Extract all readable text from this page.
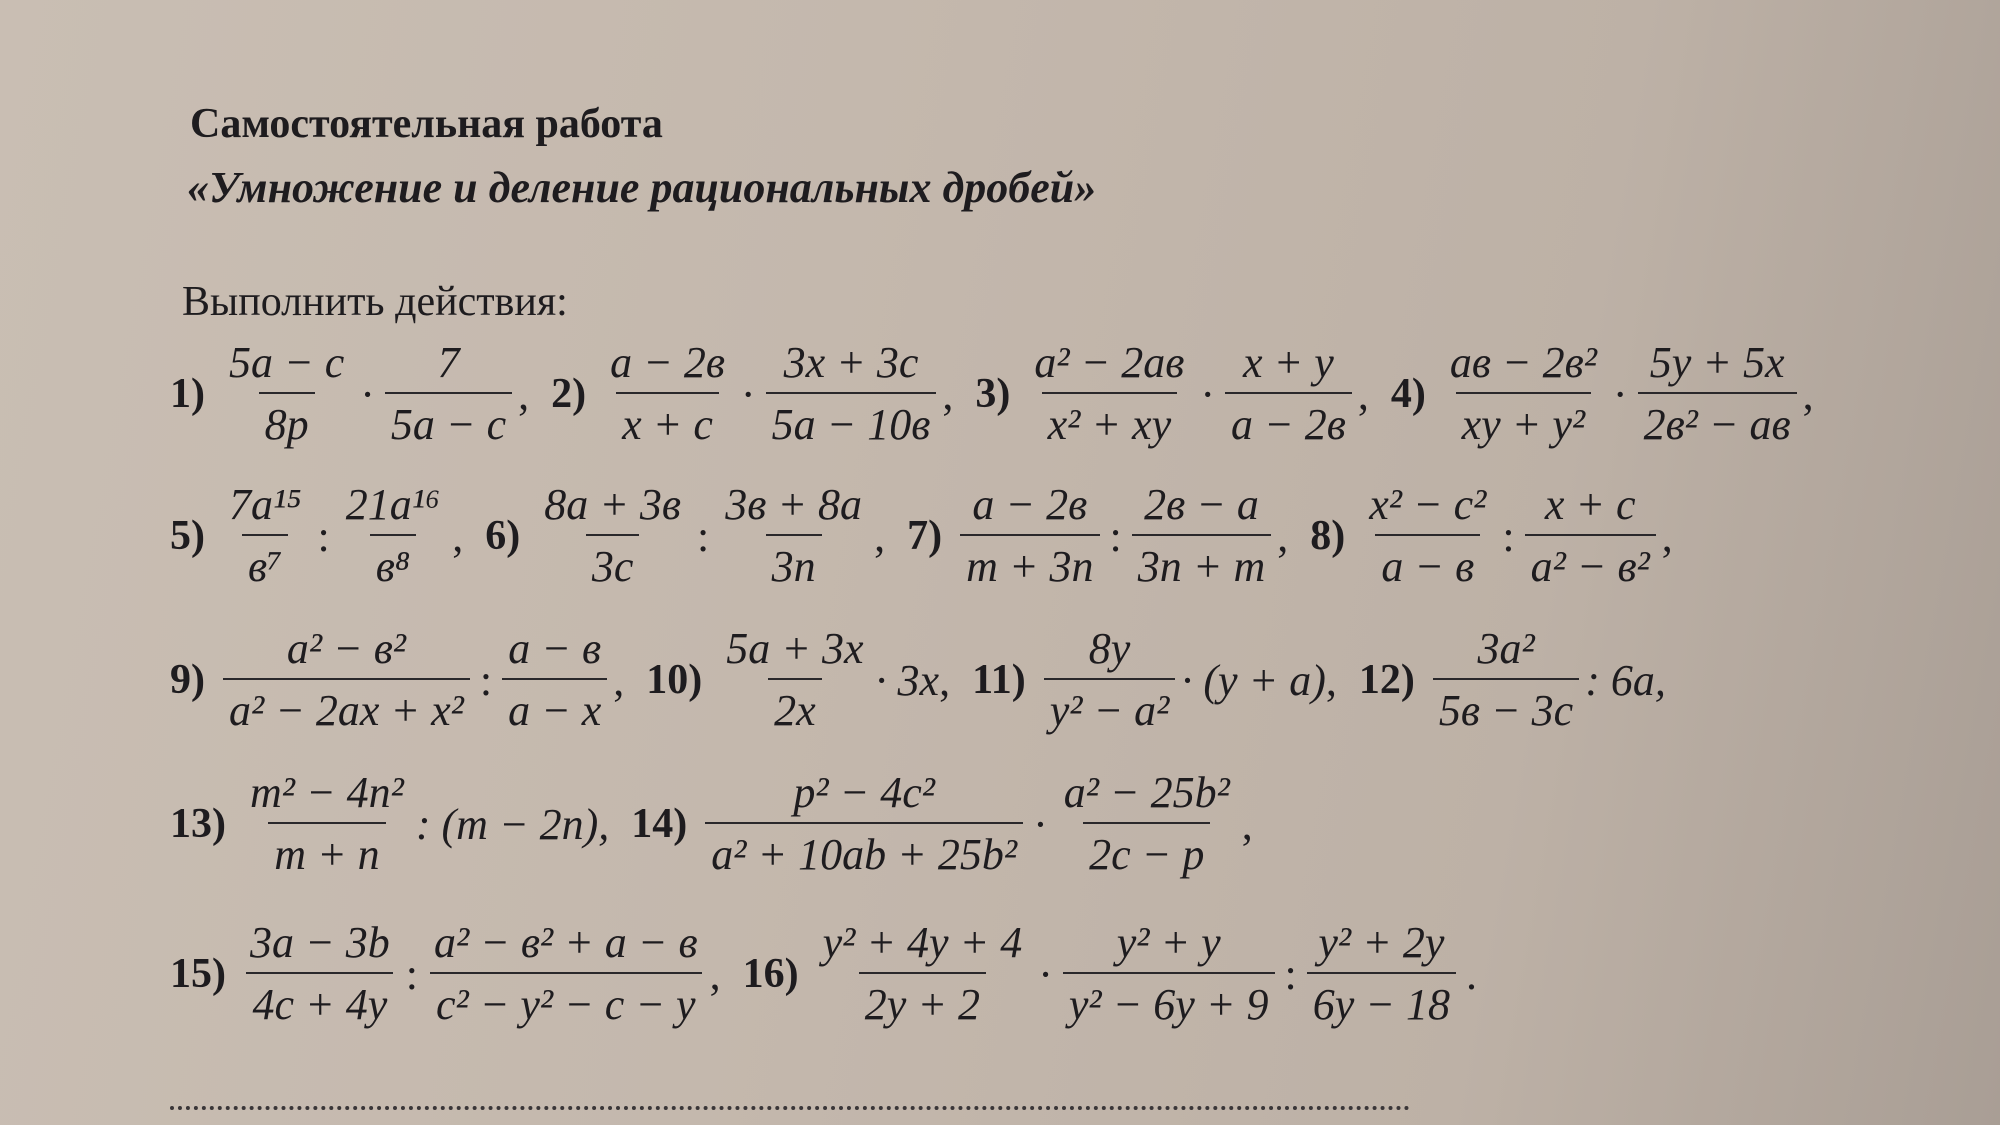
Самостоятельная работа
«Умножение и деление рациональных дробей»
Выполнить действия:
$1) \frac{5a - c}{8p} \cdot \frac{7}{5a - c}$ , $2) \frac{a - 2в}{x + c} \cdot \frac{3x + 3c}{5a - 10в}$ , $3) \frac{\text{a² − 2aв}}{\text{x² + xy}} \cdot \frac{x + y}{a - 2в}$ , $4) \frac{\text{aв − 2в²}}{\text{xy + y²}} \cdot \frac{5y + 5x}{\text{2в² − aв}}$ ,
$5) \frac{\text{7a¹⁵}}{\text{в⁷}}$ : $\frac{\text{21a¹⁶}}{\text{в⁸}}$ , $6) \frac{8a + 3в}{3c}$ : $\frac{3в + 8a}{3n}$ , $7) \frac{a - 2в}{m + 3n}$ : $\frac{2в - a}{3n + m}$ , $8) \frac{\text{x² − c²}}{a - в}$ : $\frac{x + c}{\text{a² − в²}}$ ,
$9) \frac{\text{a² − в²}}{\text{a² − 2ax + x²}}$ : $\frac{a - в}{a - x}$ , $10) \frac{5a + 3x}{2x} \cdot 3x$ , $11) \frac{8y}{\text{y² − a²}} \cdot (y + a)$ , $12) \frac{\text{3a²}}{5в - 3c}$ : 6a,
$13) \frac{\text{m² − 4n²}}{m + n}$ : (m − 2n), $14) \frac{\text{p² − 4c²}}{\text{a² + 10ab + 25b²}} \cdot \frac{\text{a² − 25b²}}{2c - p}$ ,
$15) \frac{3a - 3b}{4c + 4y}$ : $\frac{\text{a² − в² + a − в}}{\text{c² − y² − c − y}}$ , $16) \frac{\text{y² + 4y + 4}}{2y + 2} \cdot \frac{\text{y² + y}}{\text{y² − 6y + 9}}$ : $\frac{\text{y² + 2y}}{6y - 18}$ .
